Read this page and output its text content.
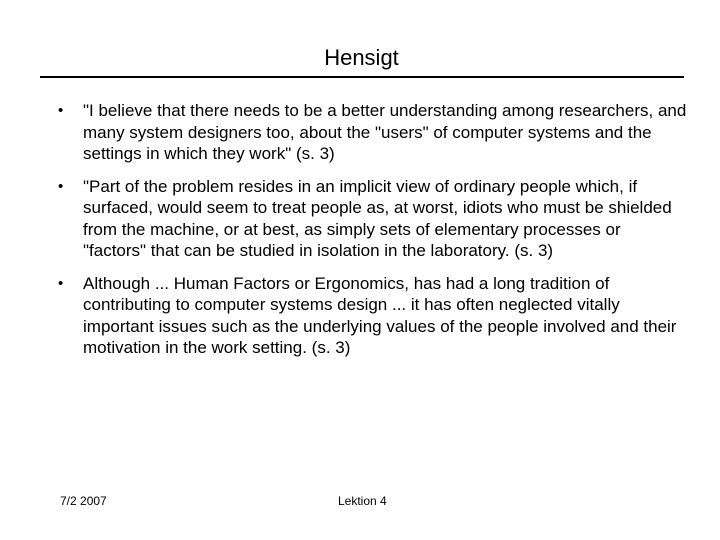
Hensigt
• "I believe that there needs to be a better understanding among researchers, and many system designers too, about the "users" of computer systems and the settings in which they work" (s. 3)
• "Part of the problem resides in an implicit view of ordinary people which, if surfaced, would seem to treat people as, at worst, idiots who must be shielded from the machine, or at best, as simply sets of elementary processes or "factors" that can be studied in isolation in the laboratory. (s. 3)
• Although ... Human Factors or Ergonomics, has had a long tradition of contributing to computer systems design ... it has often neglected vitally important issues such as the underlying values of the people involved and their motivation in the work setting. (s. 3)
7/2 2007	Lektion 4
